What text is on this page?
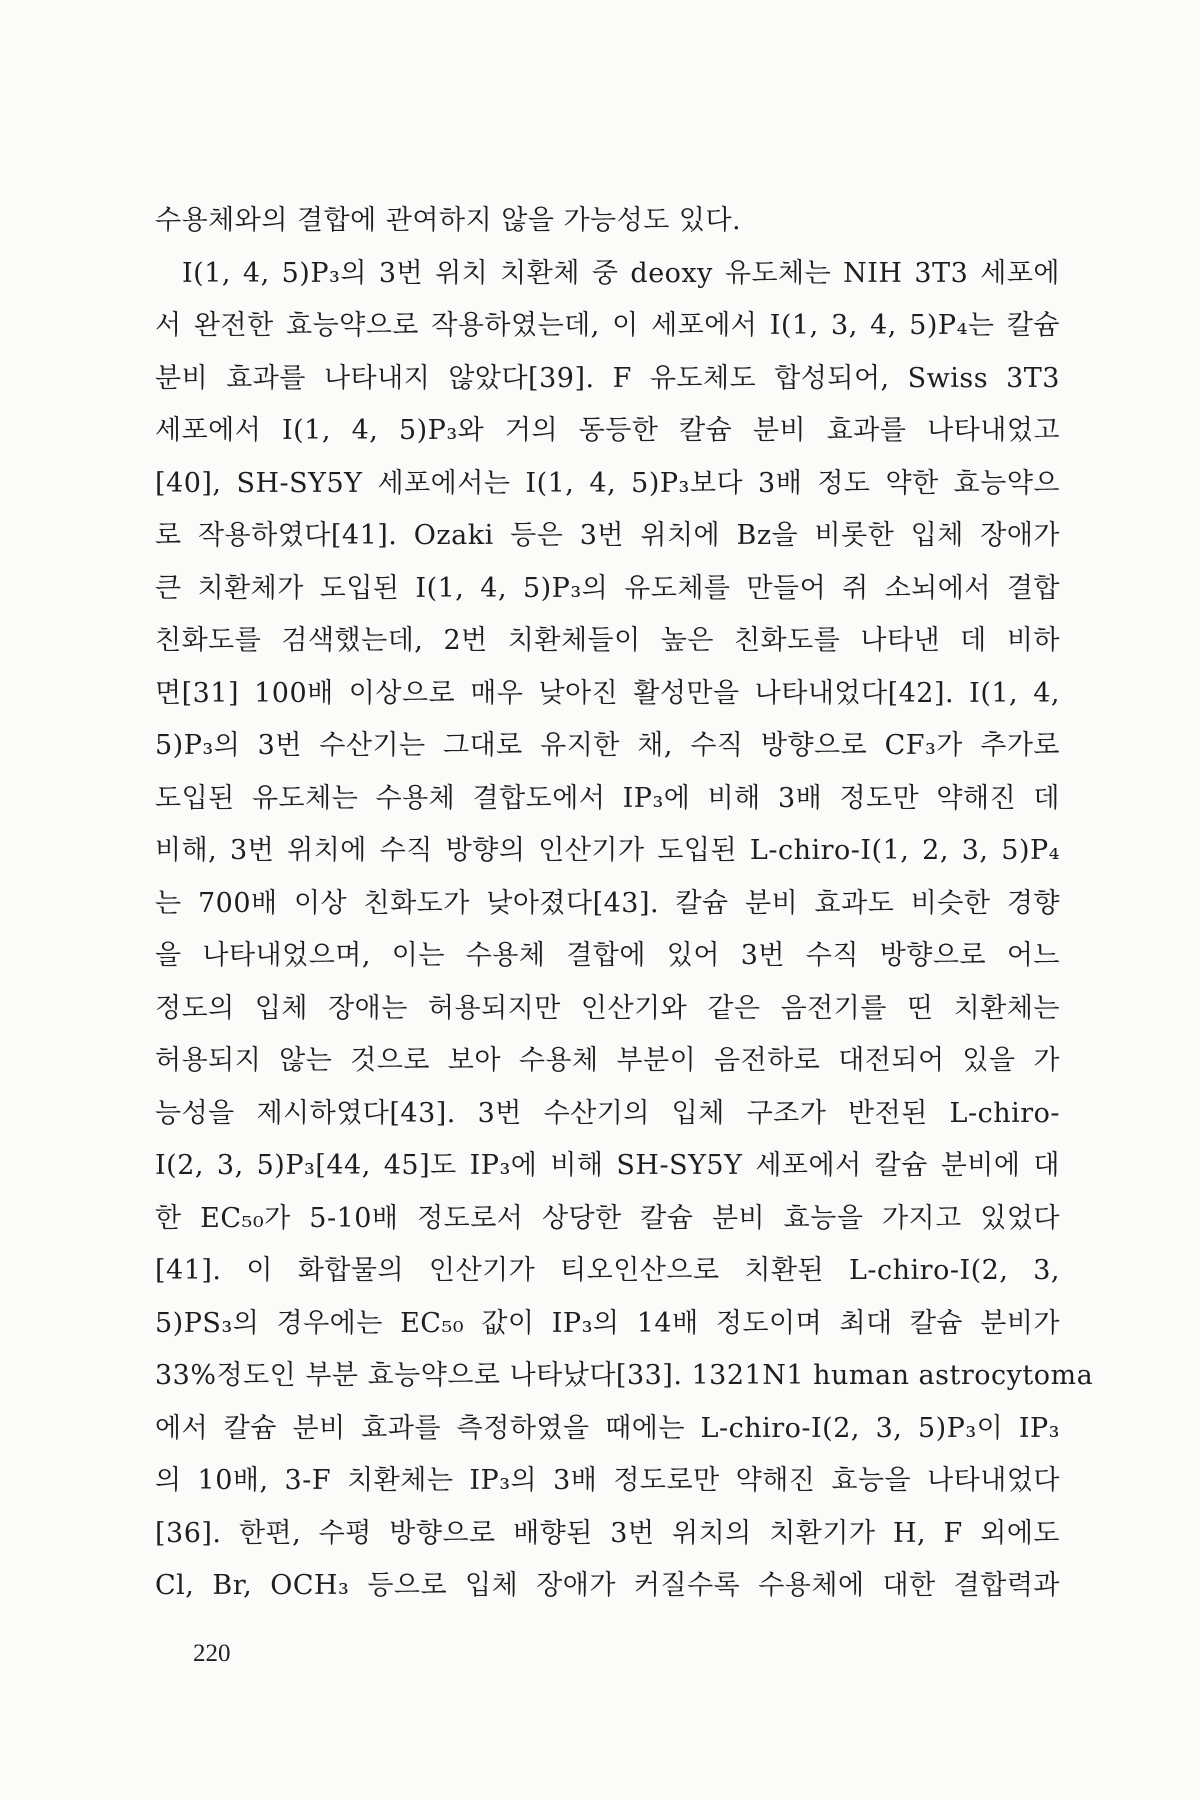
수용체와의 결합에 관여하지 않을 가능성도 있다.
I(1, 4, 5)P₃의 3번 위치 치환체 중 deoxy 유도체는 NIH 3T3 세포에
서 완전한 효능약으로 작용하였는데, 이 세포에서 I(1, 3, 4, 5)P₄는 칼슘
분비 효과를 나타내지 않았다[39]. F 유도체도 합성되어, Swiss 3T3
세포에서 I(1, 4, 5)P₃와 거의 동등한 칼슘 분비 효과를 나타내었고
[40], SH-SY5Y 세포에서는 I(1, 4, 5)P₃보다 3배 정도 약한 효능약으
로 작용하였다[41]. Ozaki 등은 3번 위치에 Bz을 비롯한 입체 장애가
큰 치환체가 도입된 I(1, 4, 5)P₃의 유도체를 만들어 쥐 소뇌에서 결합
친화도를 검색했는데, 2번 치환체들이 높은 친화도를 나타낸 데 비하
면[31] 100배 이상으로 매우 낮아진 활성만을 나타내었다[42]. I(1, 4,
5)P₃의 3번 수산기는 그대로 유지한 채, 수직 방향으로 CF₃가 추가로
도입된 유도체는 수용체 결합도에서 IP₃에 비해 3배 정도만 약해진 데
비해, 3번 위치에 수직 방향의 인산기가 도입된 L-chiro-I(1, 2, 3, 5)P₄
는 700배 이상 친화도가 낮아졌다[43]. 칼슘 분비 효과도 비슷한 경향
을 나타내었으며, 이는 수용체 결합에 있어 3번 수직 방향으로 어느
정도의 입체 장애는 허용되지만 인산기와 같은 음전기를 띤 치환체는
허용되지 않는 것으로 보아 수용체 부분이 음전하로 대전되어 있을 가
능성을 제시하였다[43]. 3번 수산기의 입체 구조가 반전된 L-chiro-
I(2, 3, 5)P₃[44, 45]도 IP₃에 비해 SH-SY5Y 세포에서 칼슘 분비에 대
한 EC₅₀가 5-10배 정도로서 상당한 칼슘 분비 효능을 가지고 있었다
[41]. 이 화합물의 인산기가 티오인산으로 치환된 L-chiro-I(2, 3,
5)PS₃의 경우에는 EC₅₀ 값이 IP₃의 14배 정도이며 최대 칼슘 분비가
33%정도인 부분 효능약으로 나타났다[33]. 1321N1 human astrocytoma
에서 칼슘 분비 효과를 측정하였을 때에는 L-chiro-I(2, 3, 5)P₃이 IP₃
의 10배, 3-F 치환체는 IP₃의 3배 정도로만 약해진 효능을 나타내었다
[36]. 한편, 수평 방향으로 배향된 3번 위치의 치환기가 H, F 외에도
Cl, Br, OCH₃ 등으로 입체 장애가 커질수록 수용체에 대한 결합력과
220
